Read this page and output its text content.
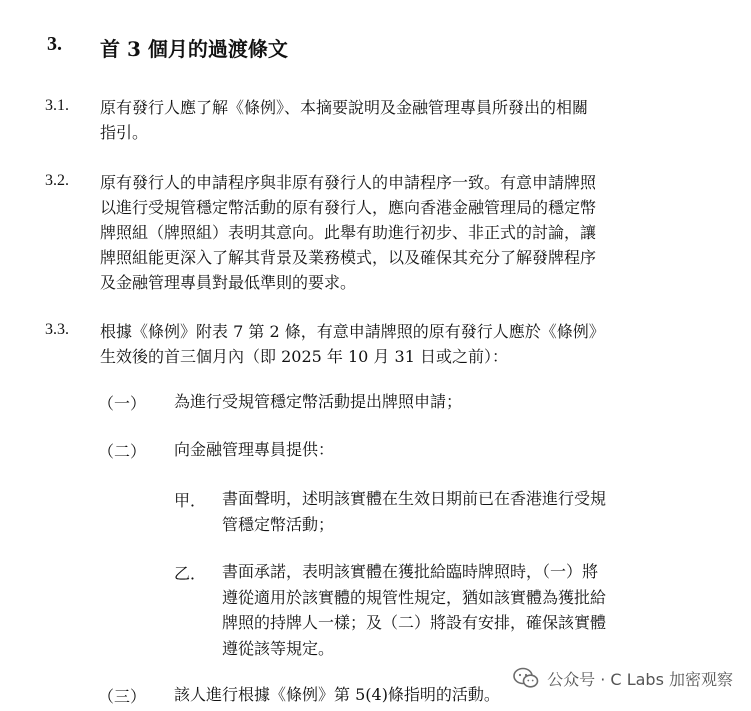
3. 首 3 個月的過渡條文
3.1. 原有發行人應了解《條例》、本摘要說明及金融管理專員所發出的相關
指引。
3.2. 原有發行人的申請程序與非原有發行人的申請程序一致。有意申請牌照
以進行受規管穩定幣活動的原有發行人，應向香港金融管理局的穩定幣
牌照組（牌照組）表明其意向。此舉有助進行初步、非正式的討論，讓
牌照組能更深入了解其背景及業務模式，以及確保其充分了解發牌程序
及金融管理專員對最低準則的要求。
3.3. 根據《條例》附表 7 第 2 條，有意申請牌照的原有發行人應於《條例》
生效後的首三個月內（即 2025 年 10 月 31 日或之前）：
（一） 為進行受規管穩定幣活動提出牌照申請；
（二） 向金融管理專員提供：
甲． 書面聲明，述明該實體在生效日期前已在香港進行受規
管穩定幣活動；
乙． 書面承諾，表明該實體在獲批給臨時牌照時，（一）將
遵從適用於該實體的規管性規定，猶如該實體為獲批給
牌照的持牌人一樣；及（二）將設有安排，確保該實體
遵從該等規定。
（三） 該人進行根據《條例》第 5(4)條指明的活動。
公众号 · C Labs 加密观察
